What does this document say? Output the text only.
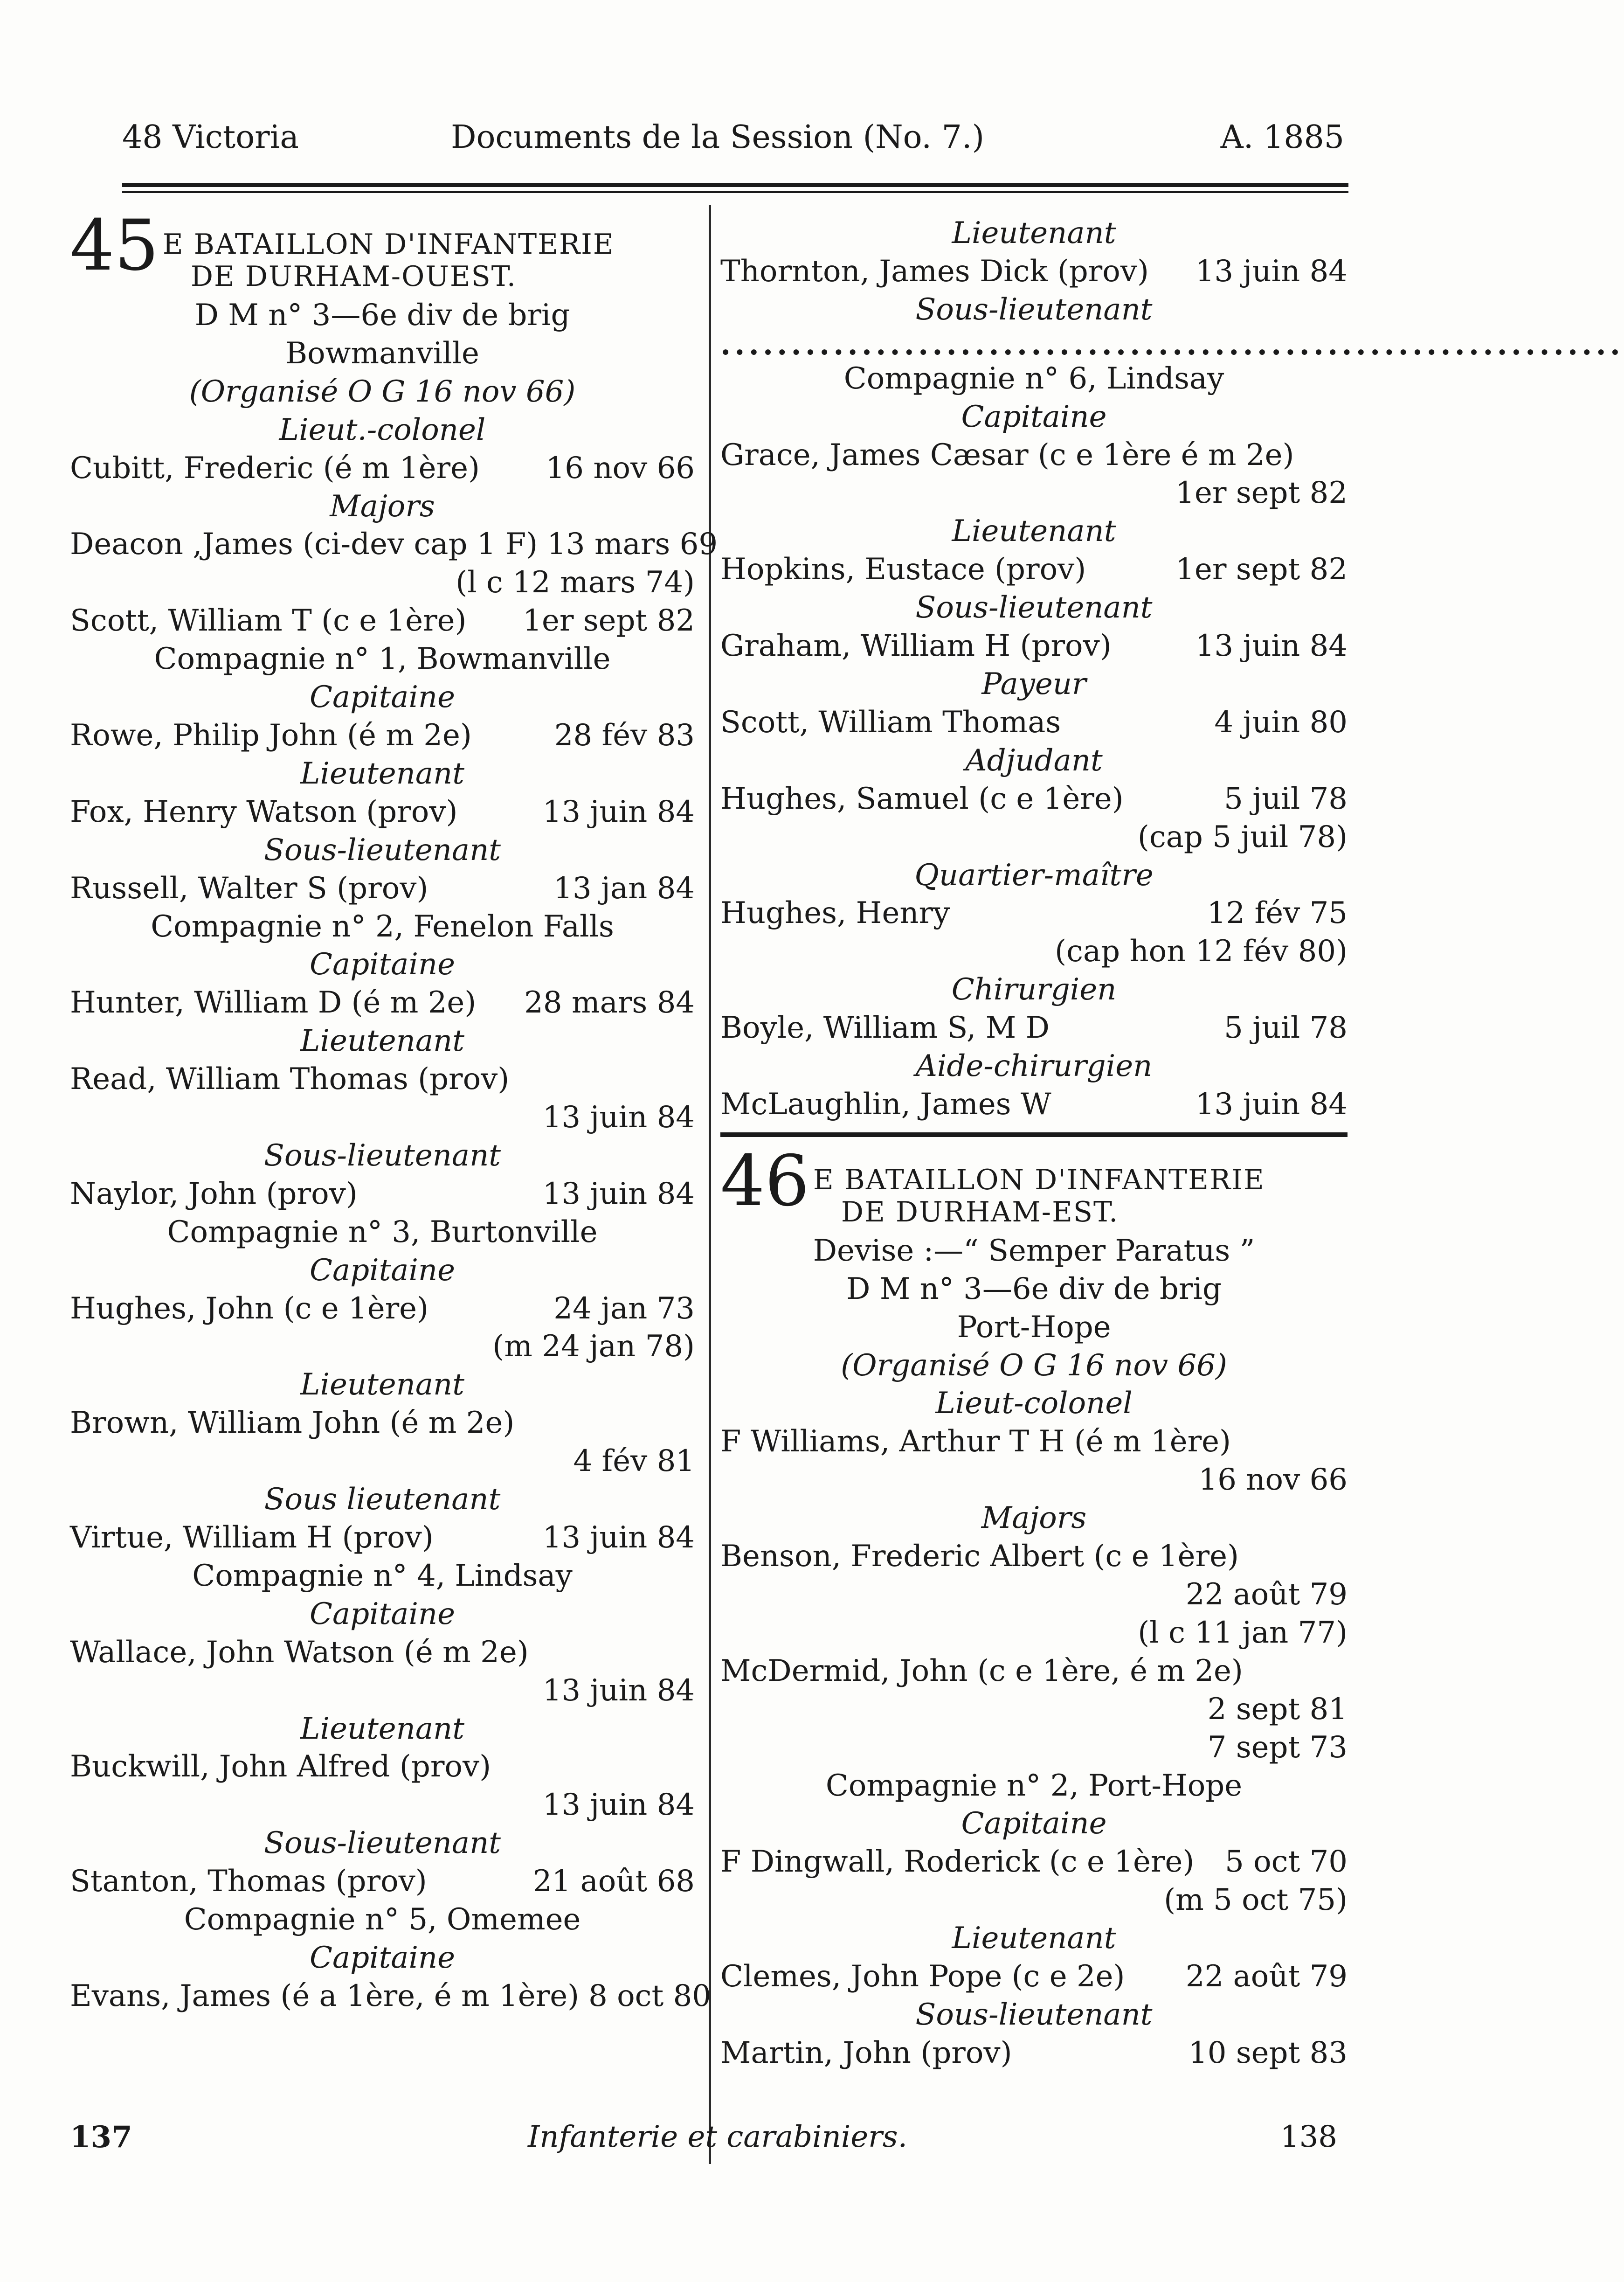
48 Victoria	Documents de la Session (No. 7.)	A. 1885
45 E BATAILLON D'INFANTERIE
DE DURHAM-OUEST.
D M n° 3—6e div de brig
Bowmanville
(Organisé O G 16 nov 66)
Lieut.-colonel
Cubitt, Frederic (é m 1ère)	16 nov 66
Majors
Deacon ,James (ci-dev cap 1 F) 13 mars 69
(l c 12 mars 74)
Scott, William T (c e 1ère)	1er sept 82
Compagnie n° 1, Bowmanville
Capitaine
Rowe, Philip John (é m 2e)	28 fév 83
Lieutenant
Fox, Henry Watson (prov)	13 juin 84
Sous-lieutenant
Russell, Walter S (prov)	13 jan 84
Compagnie n° 2, Fenelon Falls
Capitaine
Hunter, William D (é m 2e)	28 mars 84
Lieutenant
Read, William Thomas (prov)
13 juin 84
Sous-lieutenant
Naylor, John (prov)	13 juin 84
Compagnie n° 3, Burtonville
Capitaine
Hughes, John (c e 1ère)	24 jan 73
(m 24 jan 78)
Lieutenant
Brown, William John (é m 2e)
4 fév 81
Sous lieutenant
Virtue, William H (prov)	13 juin 84
Compagnie n° 4, Lindsay
Capitaine
Wallace, John Watson (é m 2e)
13 juin 84
Lieutenant
Buckwill, John Alfred (prov)
13 juin 84
Sous-lieutenant
Stanton, Thomas (prov)	21 août 68
Compagnie n° 5, Omemee
Capitaine
Evans, James (é a 1ère, é m 1ère) 8 oct 80
Lieutenant
Thornton, James Dick (prov)	13 juin 84
Sous-lieutenant
................................................................
Compagnie n° 6, Lindsay
Capitaine
Grace, James Cæsar (c e 1ère é m 2e)
1er sept 82
Lieutenant
Hopkins, Eustace (prov)	1er sept 82
Sous-lieutenant
Graham, William H (prov)	13 juin 84
Payeur
Scott, William Thomas	4 juin 80
Adjudant
Hughes, Samuel (c e 1ère)	5 juil 78
(cap 5 juil 78)
Quartier-maître
Hughes, Henry	12 fév 75
(cap hon 12 fév 80)
Chirurgien
Boyle, William S, M D	5 juil 78
Aide-chirurgien
McLaughlin, James W	13 juin 84
46 E BATAILLON D'INFANTERIE
DE DURHAM-EST.
Devise :—“ Semper Paratus ”
D M n° 3—6e div de brig
Port-Hope
(Organisé O G 16 nov 66)
Lieut-colonel
F Williams, Arthur T H (é m 1ère)
16 nov 66
Majors
Benson, Frederic Albert (c e 1ère)
22 août 79
(l c 11 jan 77)
McDermid, John (c e 1ère, é m 2e)
2 sept 81
7 sept 73
Compagnie n° 2, Port-Hope
Capitaine
F Dingwall, Roderick (c e 1ère)	5 oct 70
(m 5 oct 75)
Lieutenant
Clemes, John Pope (c e 2e)	22 août 79
Sous-lieutenant
Martin, John (prov)	10 sept 83
137	Infanterie et carabiniers.	138
